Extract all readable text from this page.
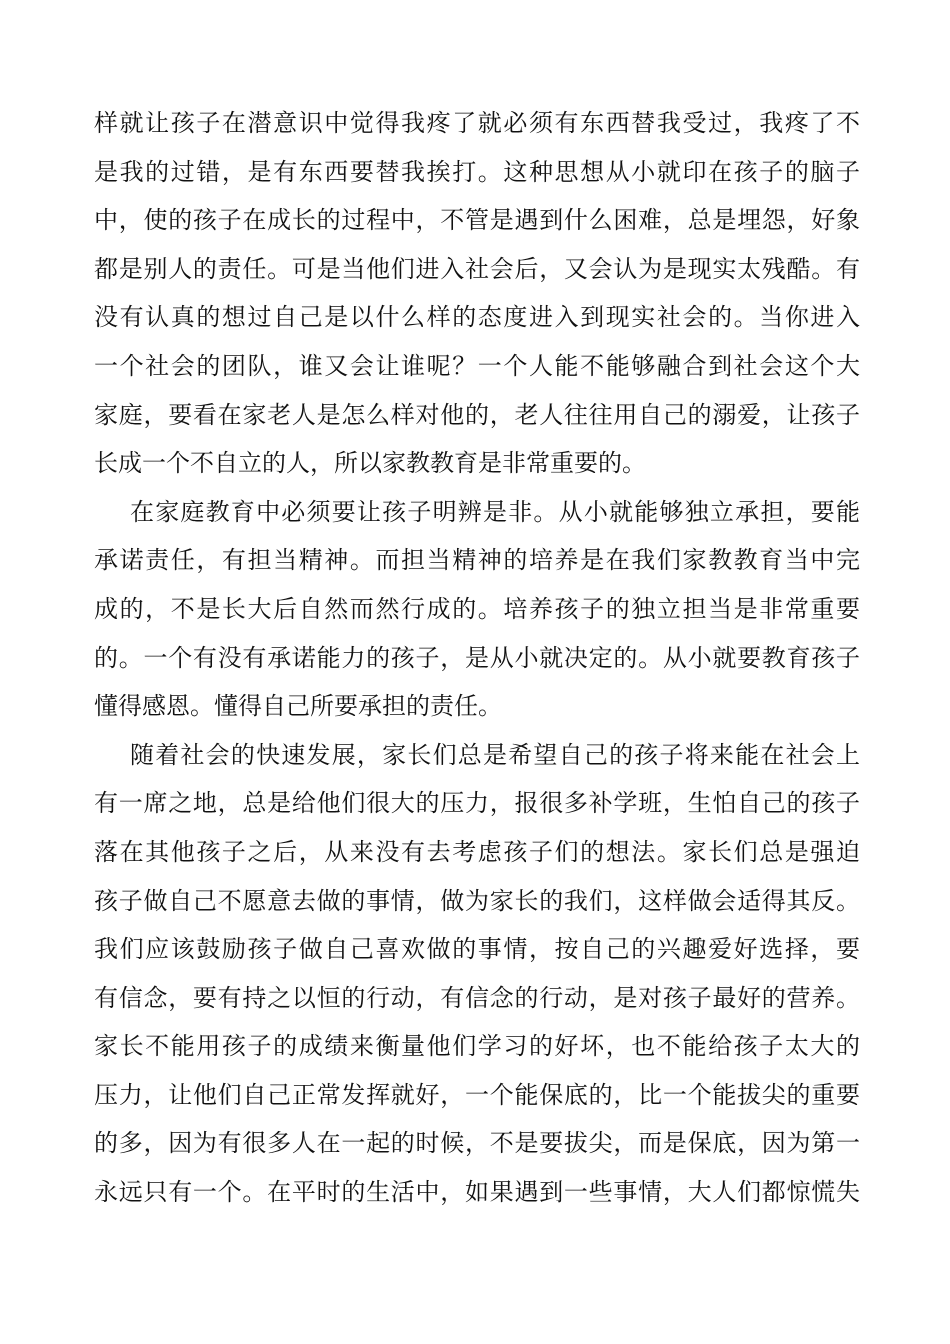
样就让孩子在潜意识中觉得我疼了就必须有东西替我受过，我疼了不
是我的过错，是有东西要替我挨打。这种思想从小就印在孩子的脑子
中，使的孩子在成长的过程中，不管是遇到什么困难，总是埋怨，好象
都是别人的责任。可是当他们进入社会后，又会认为是现实太残酷。有
没有认真的想过自己是以什么样的态度进入到现实社会的。当你进入
一个社会的团队，谁又会让谁呢？一个人能不能够融合到社会这个大
家庭，要看在家老人是怎么样对他的，老人往往用自己的溺爱，让孩子
长成一个不自立的人，所以家教教育是非常重要的。
在家庭教育中必须要让孩子明辨是非。从小就能够独立承担，要能
承诺责任，有担当精神。而担当精神的培养是在我们家教教育当中完
成的，不是长大后自然而然行成的。培养孩子的独立担当是非常重要
的。一个有没有承诺能力的孩子，是从小就决定的。从小就要教育孩子
懂得感恩。懂得自己所要承担的责任。
随着社会的快速发展，家长们总是希望自己的孩子将来能在社会上
有一席之地，总是给他们很大的压力，报很多补学班，生怕自己的孩子
落在其他孩子之后，从来没有去考虑孩子们的想法。家长们总是强迫
孩子做自己不愿意去做的事情，做为家长的我们，这样做会适得其反。
我们应该鼓励孩子做自己喜欢做的事情，按自己的兴趣爱好选择，要
有信念，要有持之以恒的行动，有信念的行动，是对孩子最好的营养。
家长不能用孩子的成绩来衡量他们学习的好坏，也不能给孩子太大的
压力，让他们自己正常发挥就好，一个能保底的，比一个能拔尖的重要
的多，因为有很多人在一起的时候，不是要拔尖，而是保底，因为第一
永远只有一个。在平时的生活中，如果遇到一些事情，大人们都惊慌失
